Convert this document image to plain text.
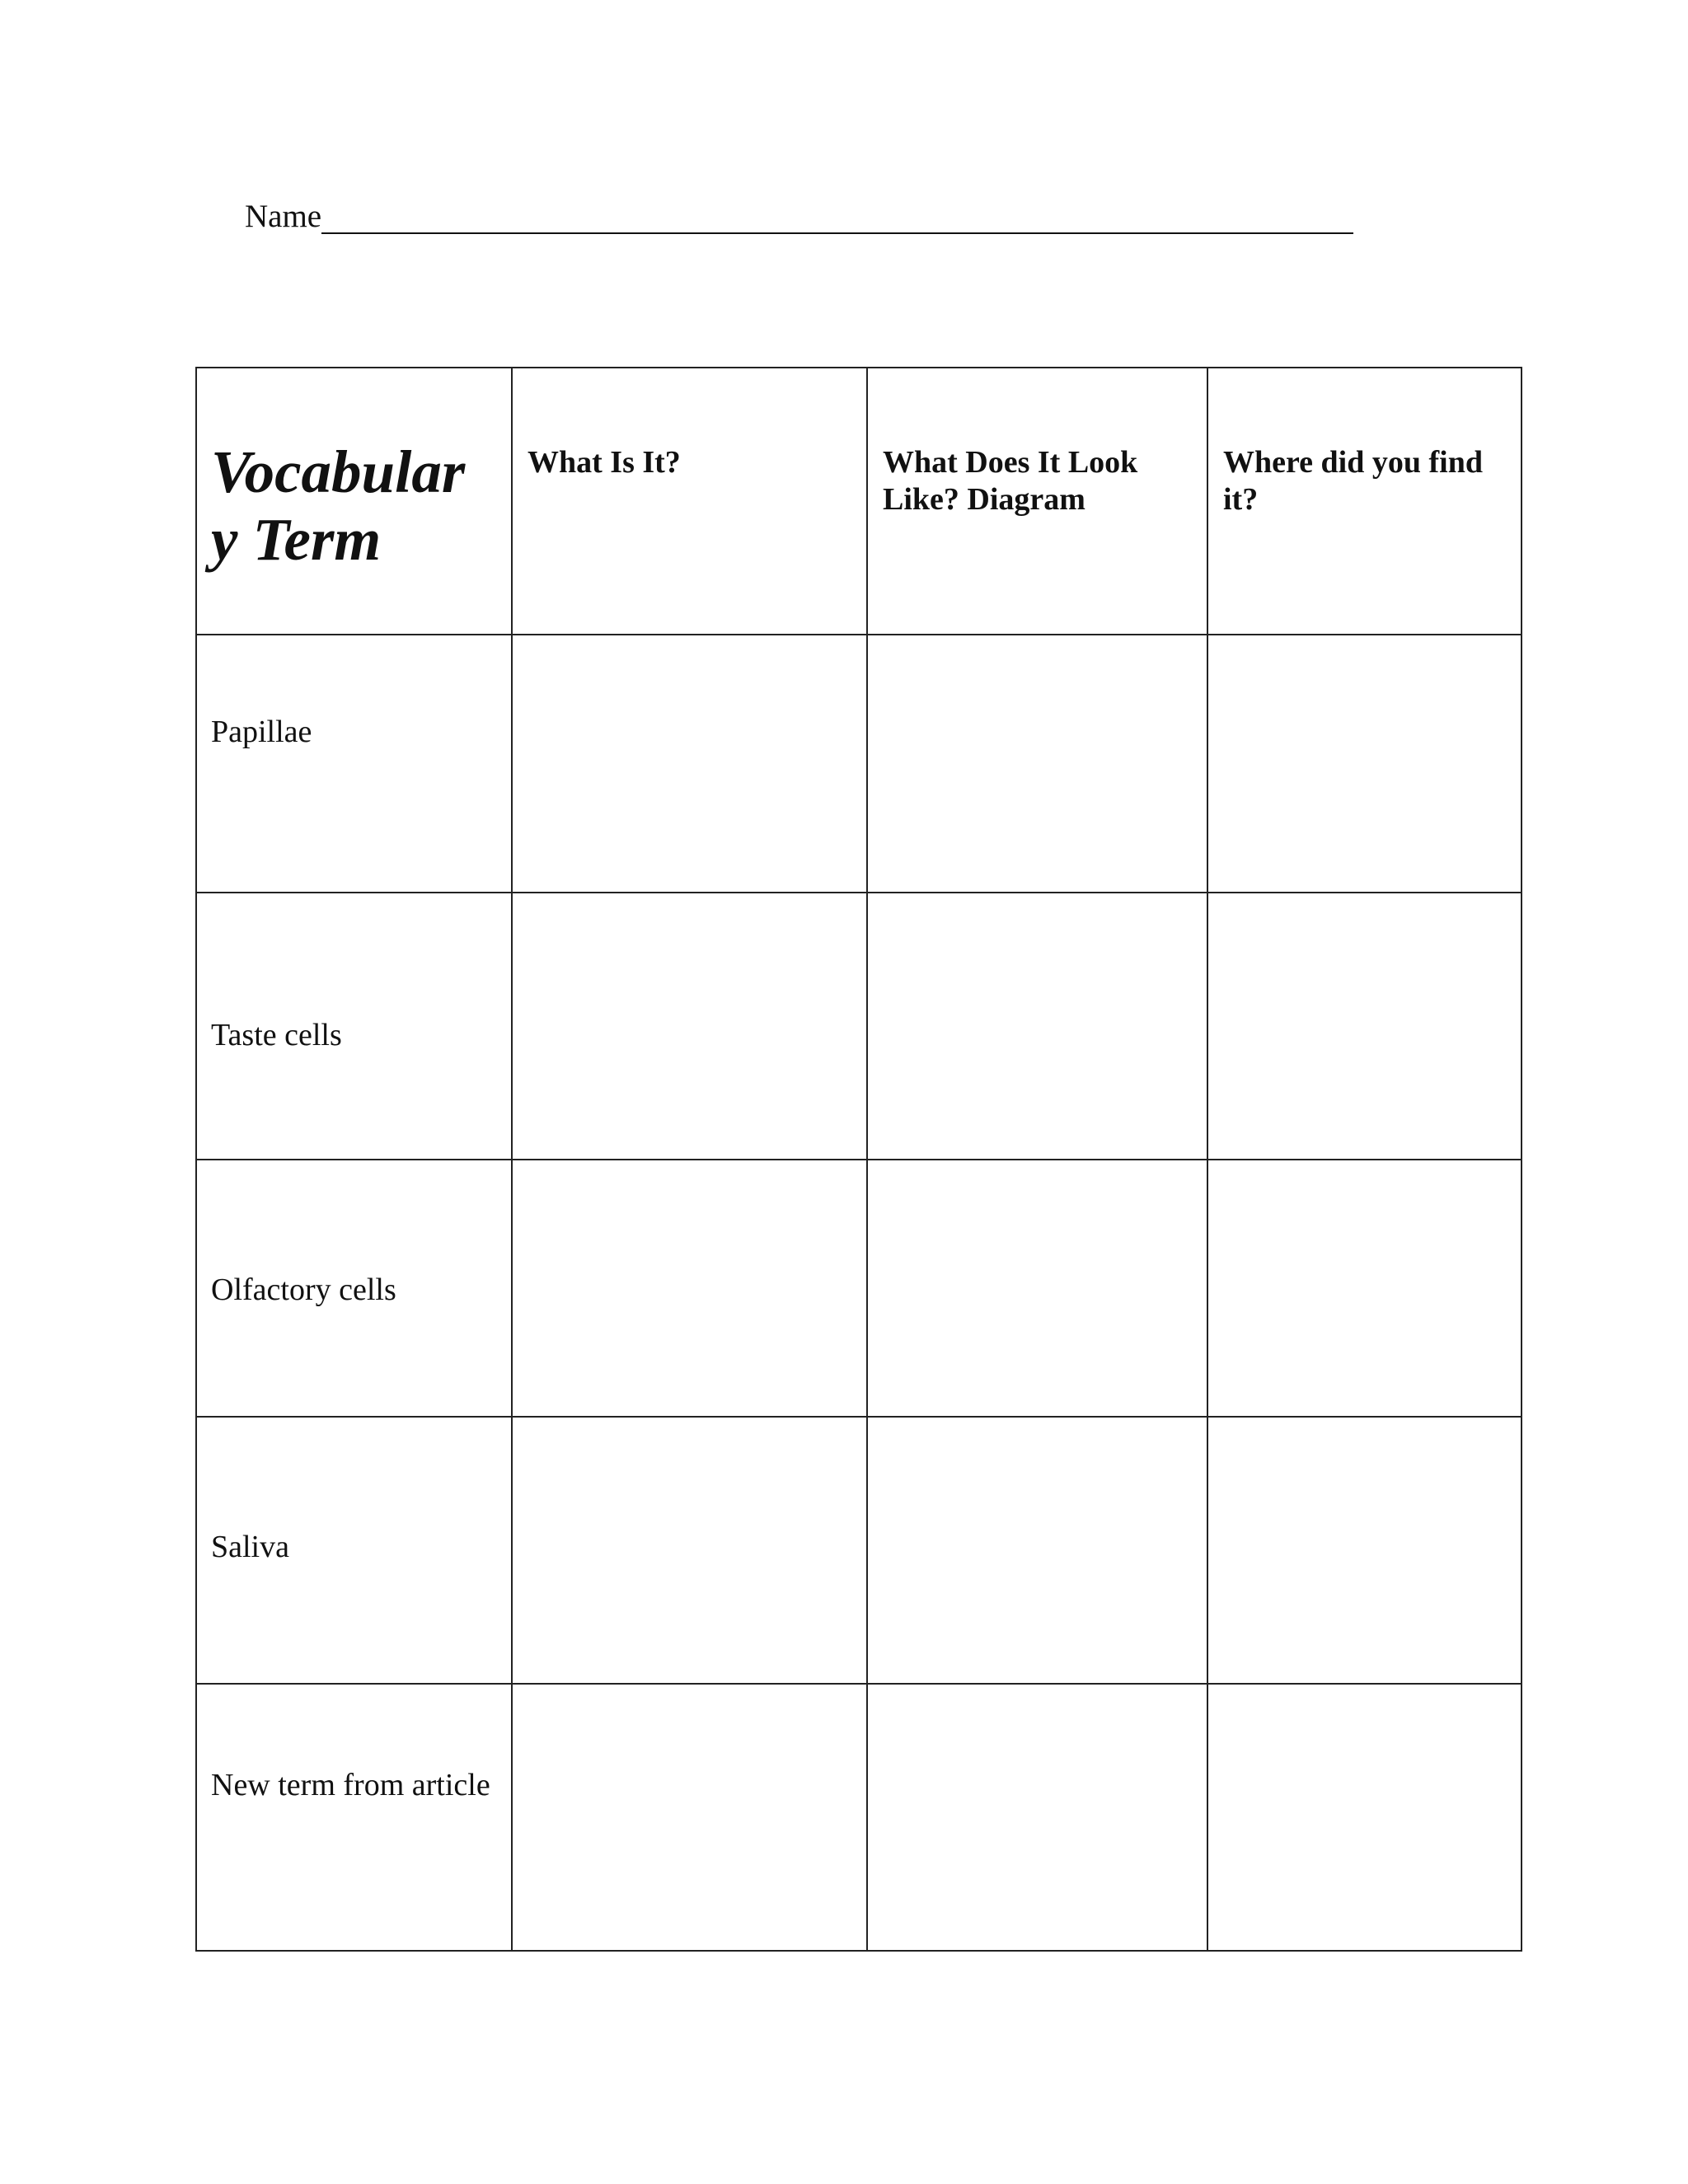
Name
Vocabular y Term	What Is It?	What Does It Look Like? Diagram	Where did you find it?
Papillae			
Taste cells			
Olfactory cells			
Saliva			
New term from article			
